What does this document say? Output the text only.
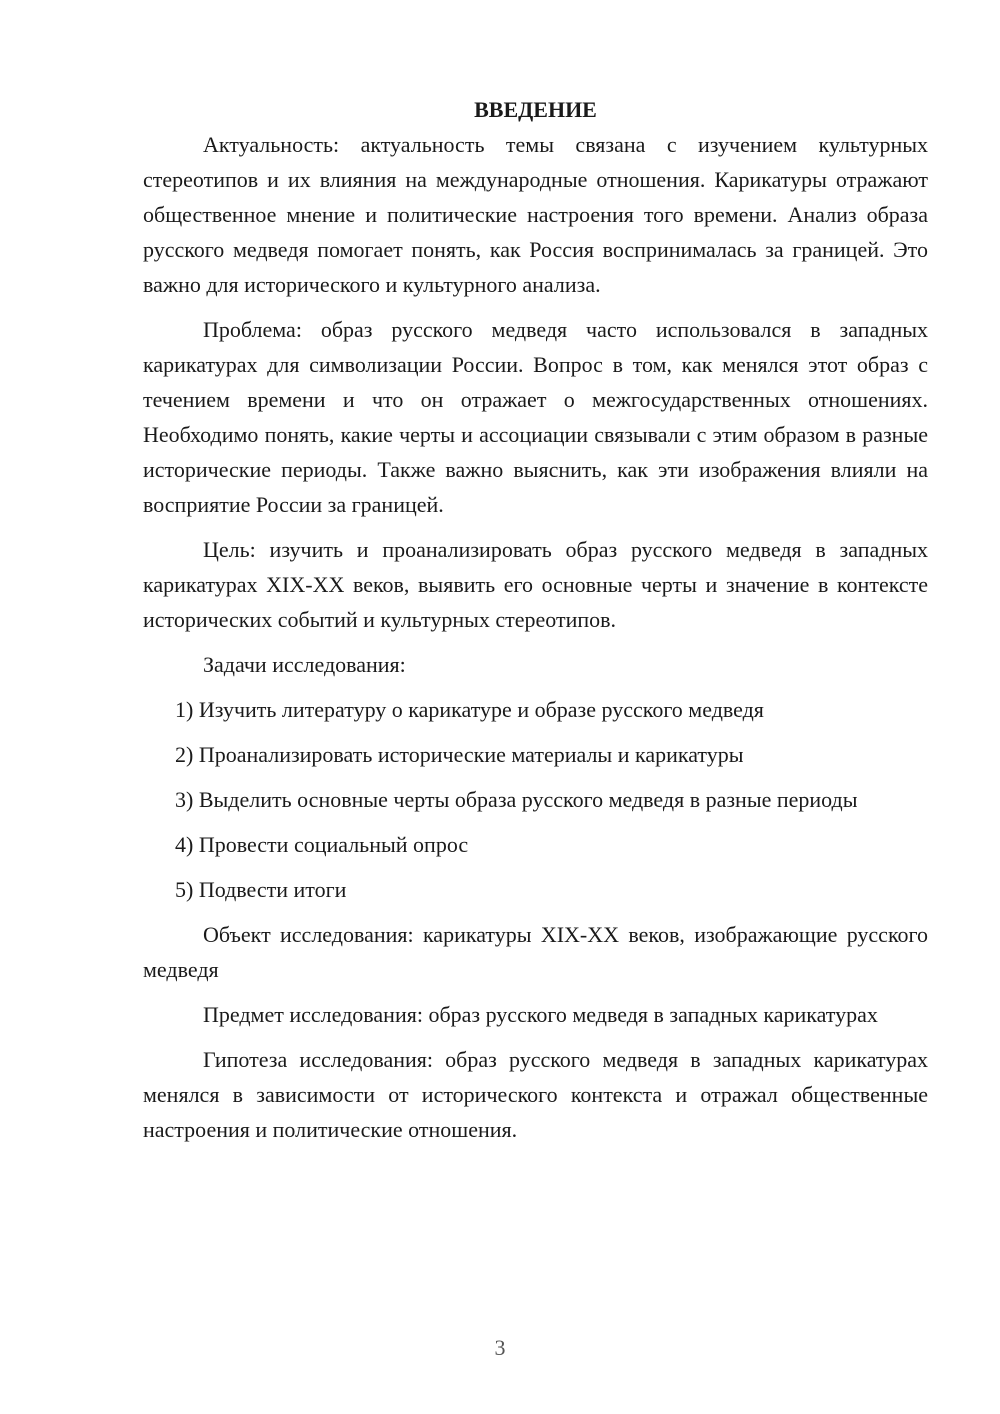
ВВЕДЕНИЕ

Актуальность: актуальность темы связана с изучением культурных стереотипов и их влияния на международные отношения. Карикатуры отражают общественное мнение и политические настроения того времени. Анализ образа русского медведя помогает понять, как Россия воспринималась за границей. Это важно для исторического и культурного анализа.

Проблема: образ русского медведя часто использовался в западных карикатурах для символизации России. Вопрос в том, как менялся этот образ с течением времени и что он отражает о межгосударственных отношениях. Необходимо понять, какие черты и ассоциации связывали с этим образом в разные исторические периоды. Также важно выяснить, как эти изображения влияли на восприятие России за границей.

Цель: изучить и проанализировать образ русского медведя в западных карикатурах XIX-XX веков, выявить его основные черты и значение в контексте исторических событий и культурных стереотипов.

Задачи исследования:

1) Изучить литературу о карикатуре и образе русского медведя

2) Проанализировать исторические материалы и карикатуры

3) Выделить основные черты образа русского медведя в разные периоды

4) Провести социальный опрос

5) Подвести итоги

Объект исследования: карикатуры XIX-XX веков, изображающие русского медведя

Предмет исследования: образ русского медведя в западных карикатурах

Гипотеза исследования: образ русского медведя в западных карикатурах менялся в зависимости от исторического контекста и отражал общественные настроения и политические отношения.

3
